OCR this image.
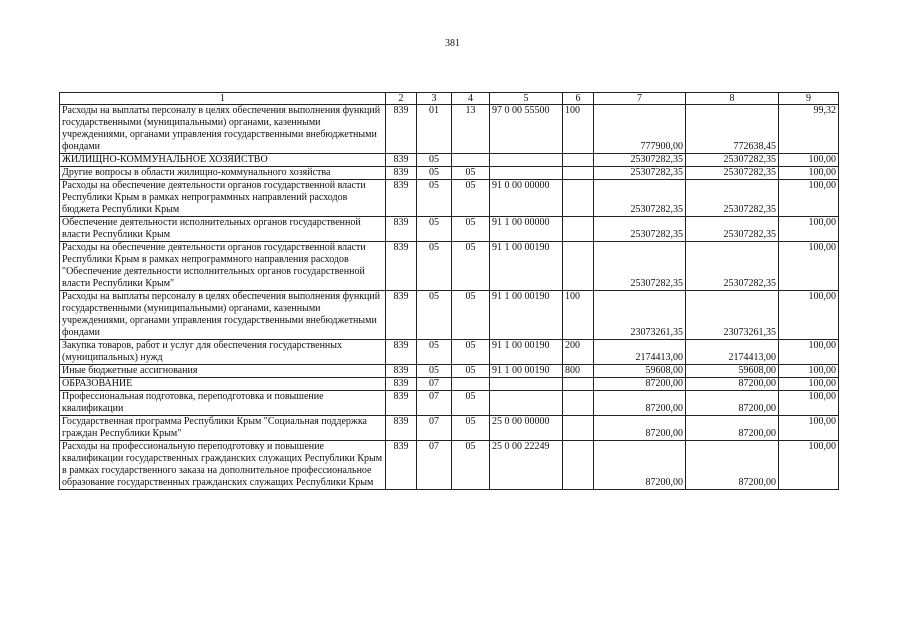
381
1	2	3	4	5	6	7	8	9
Расходы на выплаты персоналу в целях обеспечения выполнения функций государственными (муниципальными) органами, казенными учреждениями, органами управления государственными внебюджетными фондами	839	01	13	97 0 00 55500	100	777900,00	772638,45	99,32
ЖИЛИЩНО-КОММУНАЛЬНОЕ ХОЗЯЙСТВО	839	05				25307282,35	25307282,35	100,00
Другие вопросы в области жилищно-коммунального хозяйства	839	05	05			25307282,35	25307282,35	100,00
Расходы на обеспечение деятельности органов государственной власти Республики Крым в рамках непрограммных направлений расходов бюджета Республики Крым	839	05	05	91 0 00 00000		25307282,35	25307282,35	100,00
Обеспечение деятельности исполнительных органов государственной власти Республики Крым	839	05	05	91 1 00 00000		25307282,35	25307282,35	100,00
Расходы на обеспечение деятельности органов государственной власти Республики Крым в рамках непрограммного направления расходов "Обеспечение деятельности исполнительных органов государственной власти Республики Крым"	839	05	05	91 1 00 00190		25307282,35	25307282,35	100,00
Расходы на выплаты персоналу в целях обеспечения выполнения функций государственными (муниципальными) органами, казенными учреждениями, органами управления государственными внебюджетными фондами	839	05	05	91 1 00 00190	100	23073261,35	23073261,35	100,00
Закупка товаров, работ и услуг для обеспечения государственных (муниципальных) нужд	839	05	05	91 1 00 00190	200	2174413,00	2174413,00	100,00
Иные бюджетные ассигнования	839	05	05	91 1 00 00190	800	59608,00	59608,00	100,00
ОБРАЗОВАНИЕ	839	07				87200,00	87200,00	100,00
Профессиональная подготовка, переподготовка и повышение квалификации	839	07	05			87200,00	87200,00	100,00
Государственная программа Республики Крым "Социальная поддержка граждан Республики Крым"	839	07	05	25 0 00 00000		87200,00	87200,00	100,00
Расходы на профессиональную переподготовку и повышение квалификации государственных гражданских служащих Республики Крым в рамках государственного заказа на дополнительное профессиональное образование государственных гражданских служащих Республики Крым	839	07	05	25 0 00 22249		87200,00	87200,00	100,00
